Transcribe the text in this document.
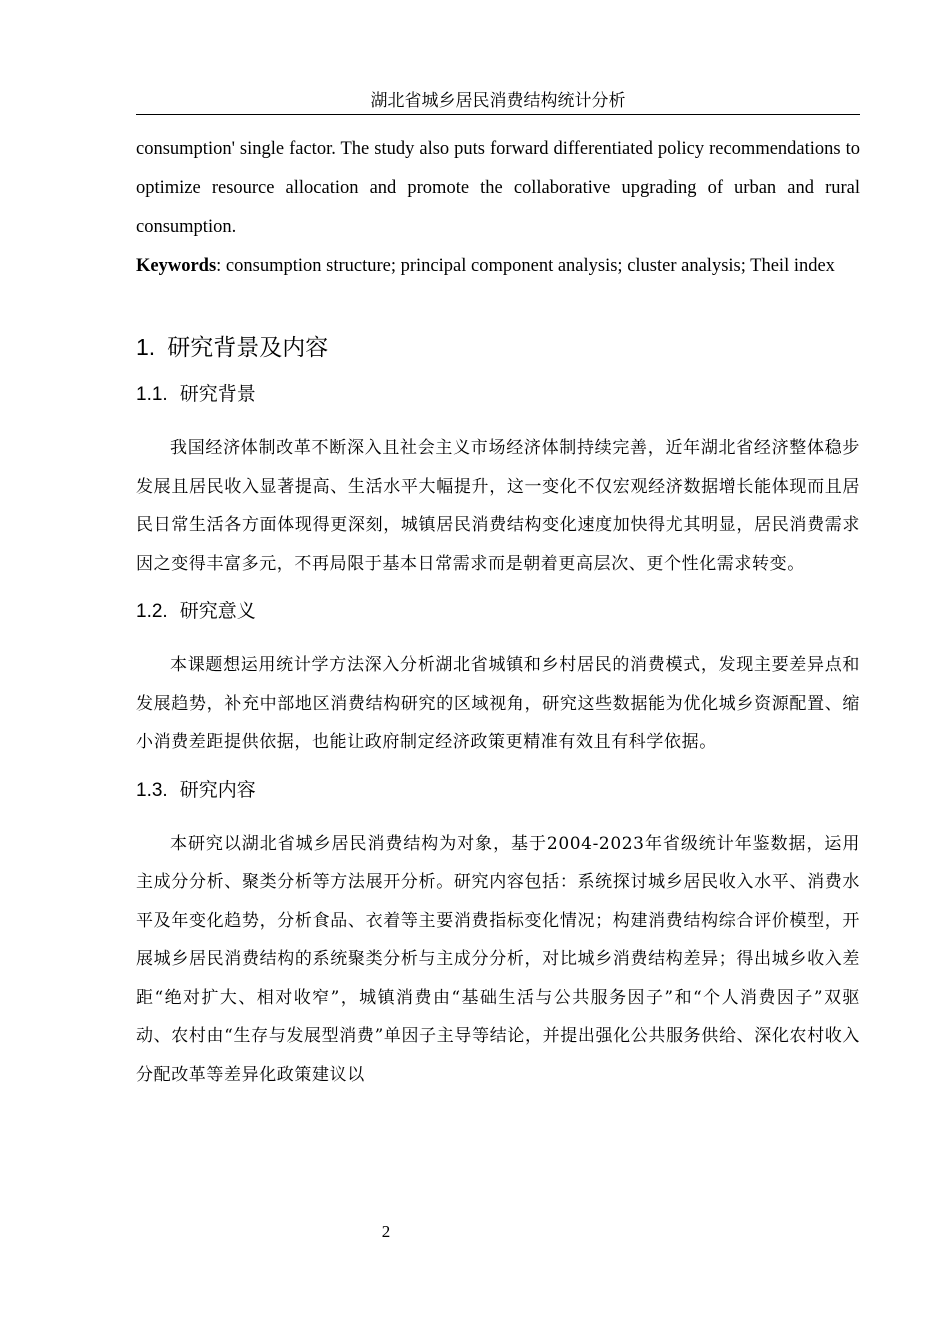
湖北省城乡居民消费结构统计分析

consumption' single factor. The study also puts forward differentiated policy recommendations to optimize resource allocation and promote the collaborative upgrading of urban and rural consumption.

Keywords: consumption structure; principal component analysis; cluster analysis; Theil index

1. 研究背景及内容
1.1. 研究背景

我国经济体制改革不断深入且社会主义市场经济体制持续完善，近年湖北省经济整体稳步发展且居民收入显著提高、生活水平大幅提升，这一变化不仅宏观经济数据增长能体现而且居民日常生活各方面体现得更深刻，城镇居民消费结构变化速度加快得尤其明显，居民消费需求因之变得丰富多元，不再局限于基本日常需求而是朝着更高层次、更个性化需求转变。

1.2. 研究意义

本课题想运用统计学方法深入分析湖北省城镇和乡村居民的消费模式，发现主要差异点和发展趋势，补充中部地区消费结构研究的区域视角，研究这些数据能为优化城乡资源配置、缩小消费差距提供依据，也能让政府制定经济政策更精准有效且有科学依据。

1.3. 研究内容

本研究以湖北省城乡居民消费结构为对象，基于2004-2023年省级统计年鉴数据，运用主成分分析、聚类分析等方法展开分析。研究内容包括：系统探讨城乡居民收入水平、消费水平及年变化趋势，分析食品、衣着等主要消费指标变化情况；构建消费结构综合评价模型，开展城乡居民消费结构的系统聚类分析与主成分分析，对比城乡消费结构差异；得出城乡收入差距“绝对扩大、相对收窄”，城镇消费由“基础生活与公共服务因子”和“个人消费因子”双驱动、农村由“生存与发展型消费”单因子主导等结论，并提出强化公共服务供给、深化农村收入分配改革等差异化政策建议以

2
